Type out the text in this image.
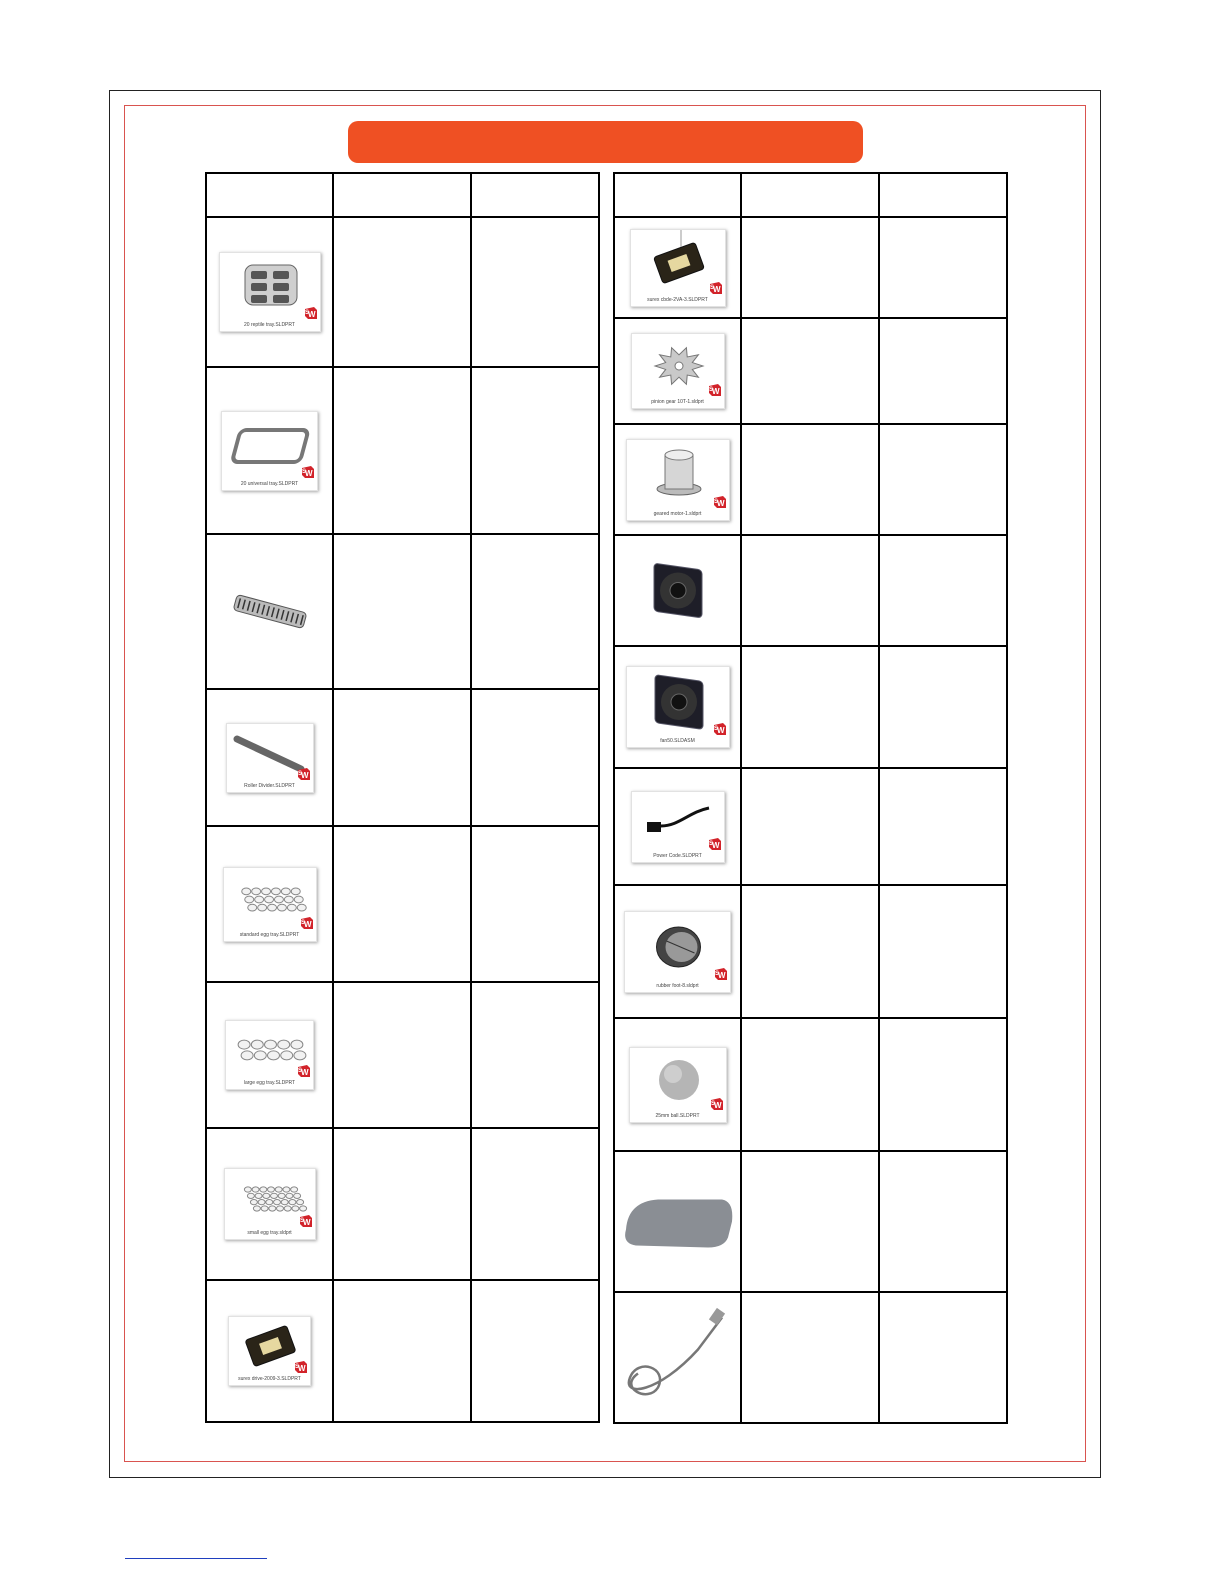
W
S
20 reptile tray.SLDPRT		

W
S
20 universal tray.SLDPRT		

W
S
Roller Divider.SLDPRT		

W
S
standard egg tray.SLDPRT		

W
S
large egg tray.SLDPRT		

W
S
small egg tray.sldprt		

W
S
surex drive-2009-3.SLDPRT		

W
S
surex cbde-2VA-3.SLDPRT		

W
S
pinion gear 10T-1.sldprt		

W
S
geared motor-1.sldprt		

W
S
fan50.SLDASM		

W
S
Power Code.SLDPRT		

W
S
rubber foot-8.sldprt		

W
S
25mm ball.SLDPRT		
